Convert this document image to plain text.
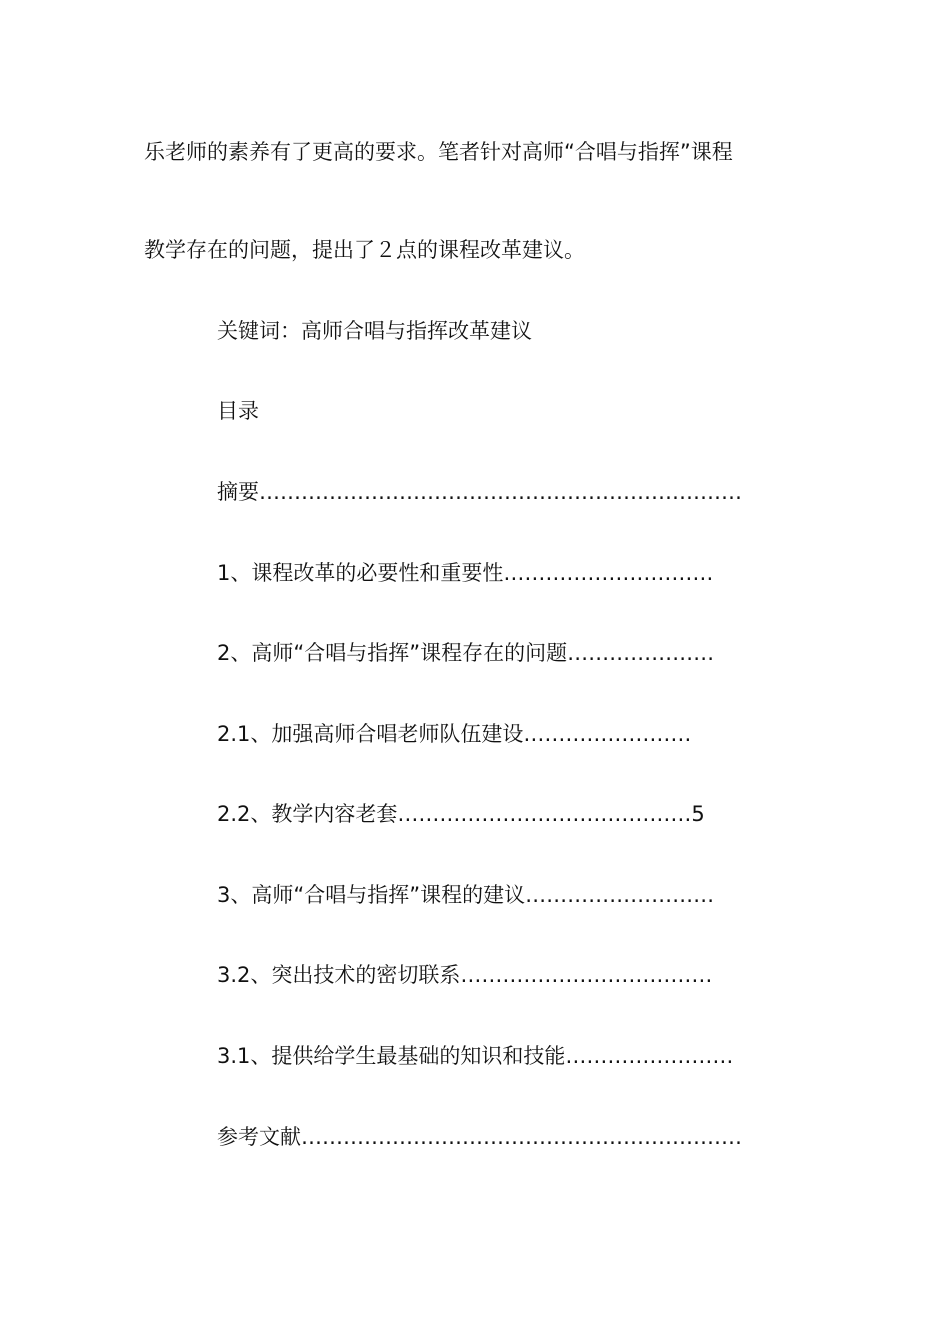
乐老师的素养有了更高的要求。笔者针对高师“合唱与指挥”课程
教学存在的问题，提出了２点的课程改革建议。
关键词：高师合唱与指挥改革建议
目录
摘要……………………………………………………………
1、课程改革的必要性和重要性…………………………
2、高师“合唱与指挥”课程存在的问题…………………
2.1、加强高师合唱老师队伍建设……………………
2.2、教学内容老套……………………………………5
3、高师“合唱与指挥”课程的建议………………………
3.2、突出技术的密切联系………………………………
3.1、提供给学生最基础的知识和技能……………………
参考文献………………………………………………………
